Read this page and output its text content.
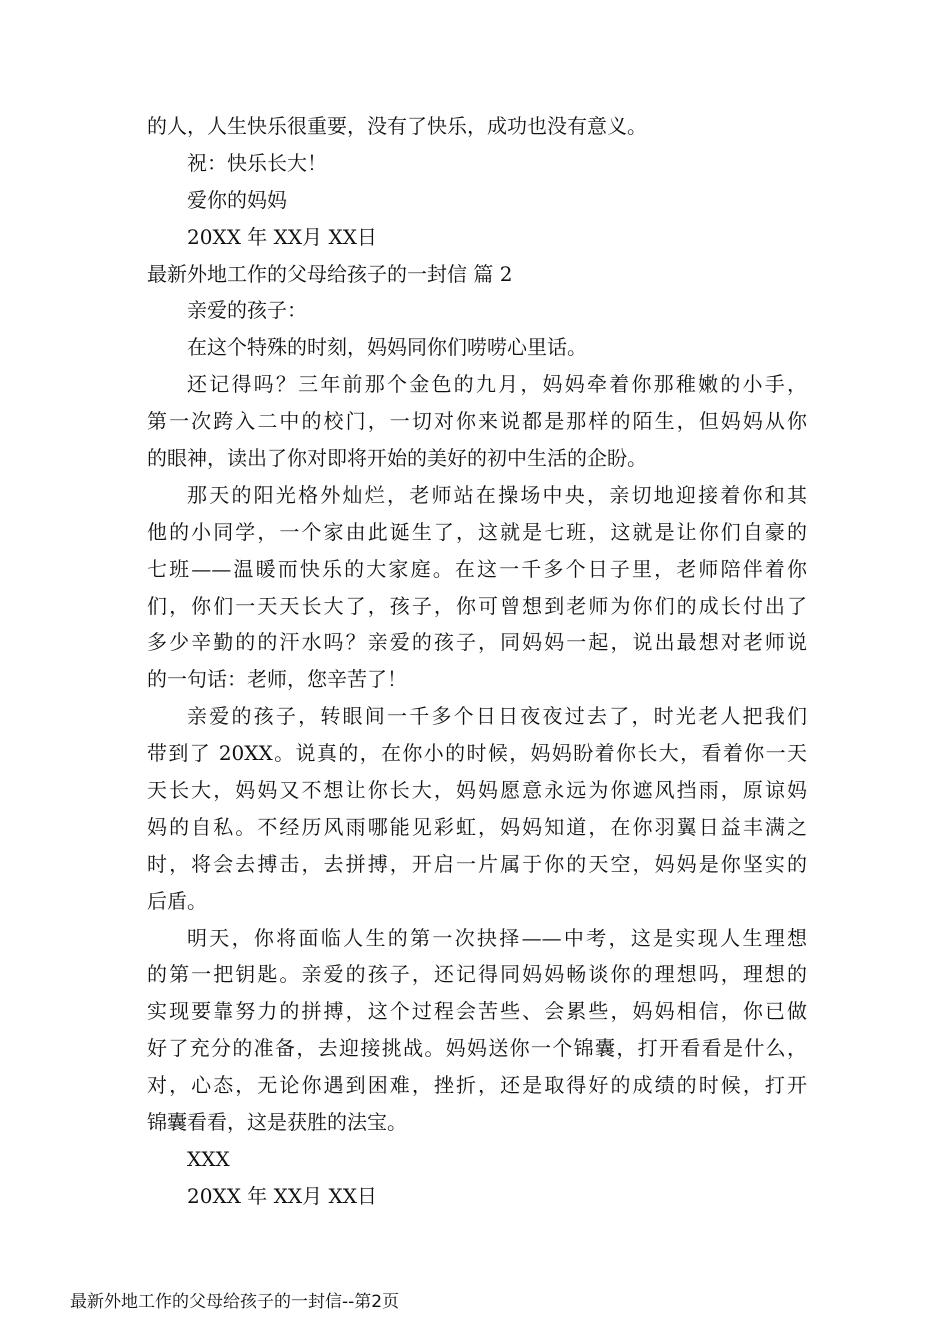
的人，人生快乐很重要，没有了快乐，成功也没有意义。
祝：快乐长大！
爱你的妈妈
20XX 年 XX月 XX日
最新外地工作的父母给孩子的一封信 篇 2
亲爱的孩子：
在这个特殊的时刻，妈妈同你们唠唠心里话。
还记得吗？三年前那个金色的九月，妈妈牵着你那稚嫩的小手，
第一次跨入二中的校门，一切对你来说都是那样的陌生，但妈妈从你
的眼神，读出了你对即将开始的美好的初中生活的企盼。
那天的阳光格外灿烂，老师站在操场中央，亲切地迎接着你和其
他的小同学，一个家由此诞生了，这就是七班，这就是让你们自豪的
七班——温暖而快乐的大家庭。在这一千多个日子里，老师陪伴着你
们，你们一天天长大了，孩子，你可曾想到老师为你们的成长付出了
多少辛勤的的汗水吗？亲爱的孩子，同妈妈一起，说出最想对老师说
的一句话：老师，您辛苦了！
亲爱的孩子，转眼间一千多个日日夜夜过去了，时光老人把我们
带到了 20XX。说真的，在你小的时候，妈妈盼着你长大，看着你一天
天长大，妈妈又不想让你长大，妈妈愿意永远为你遮风挡雨，原谅妈
妈的自私。不经历风雨哪能见彩虹，妈妈知道，在你羽翼日益丰满之
时，将会去搏击，去拼搏，开启一片属于你的天空，妈妈是你坚实的
后盾。
明天，你将面临人生的第一次抉择——中考，这是实现人生理想
的第一把钥匙。亲爱的孩子，还记得同妈妈畅谈你的理想吗，理想的
实现要靠努力的拼搏，这个过程会苦些、会累些，妈妈相信，你已做
好了充分的准备，去迎接挑战。妈妈送你一个锦囊，打开看看是什么，
对，心态，无论你遇到困难，挫折，还是取得好的成绩的时候，打开
锦囊看看，这是获胜的法宝。
XXX
20XX 年 XX月 XX日
最新外地工作的父母给孩子的一封信--第2页
